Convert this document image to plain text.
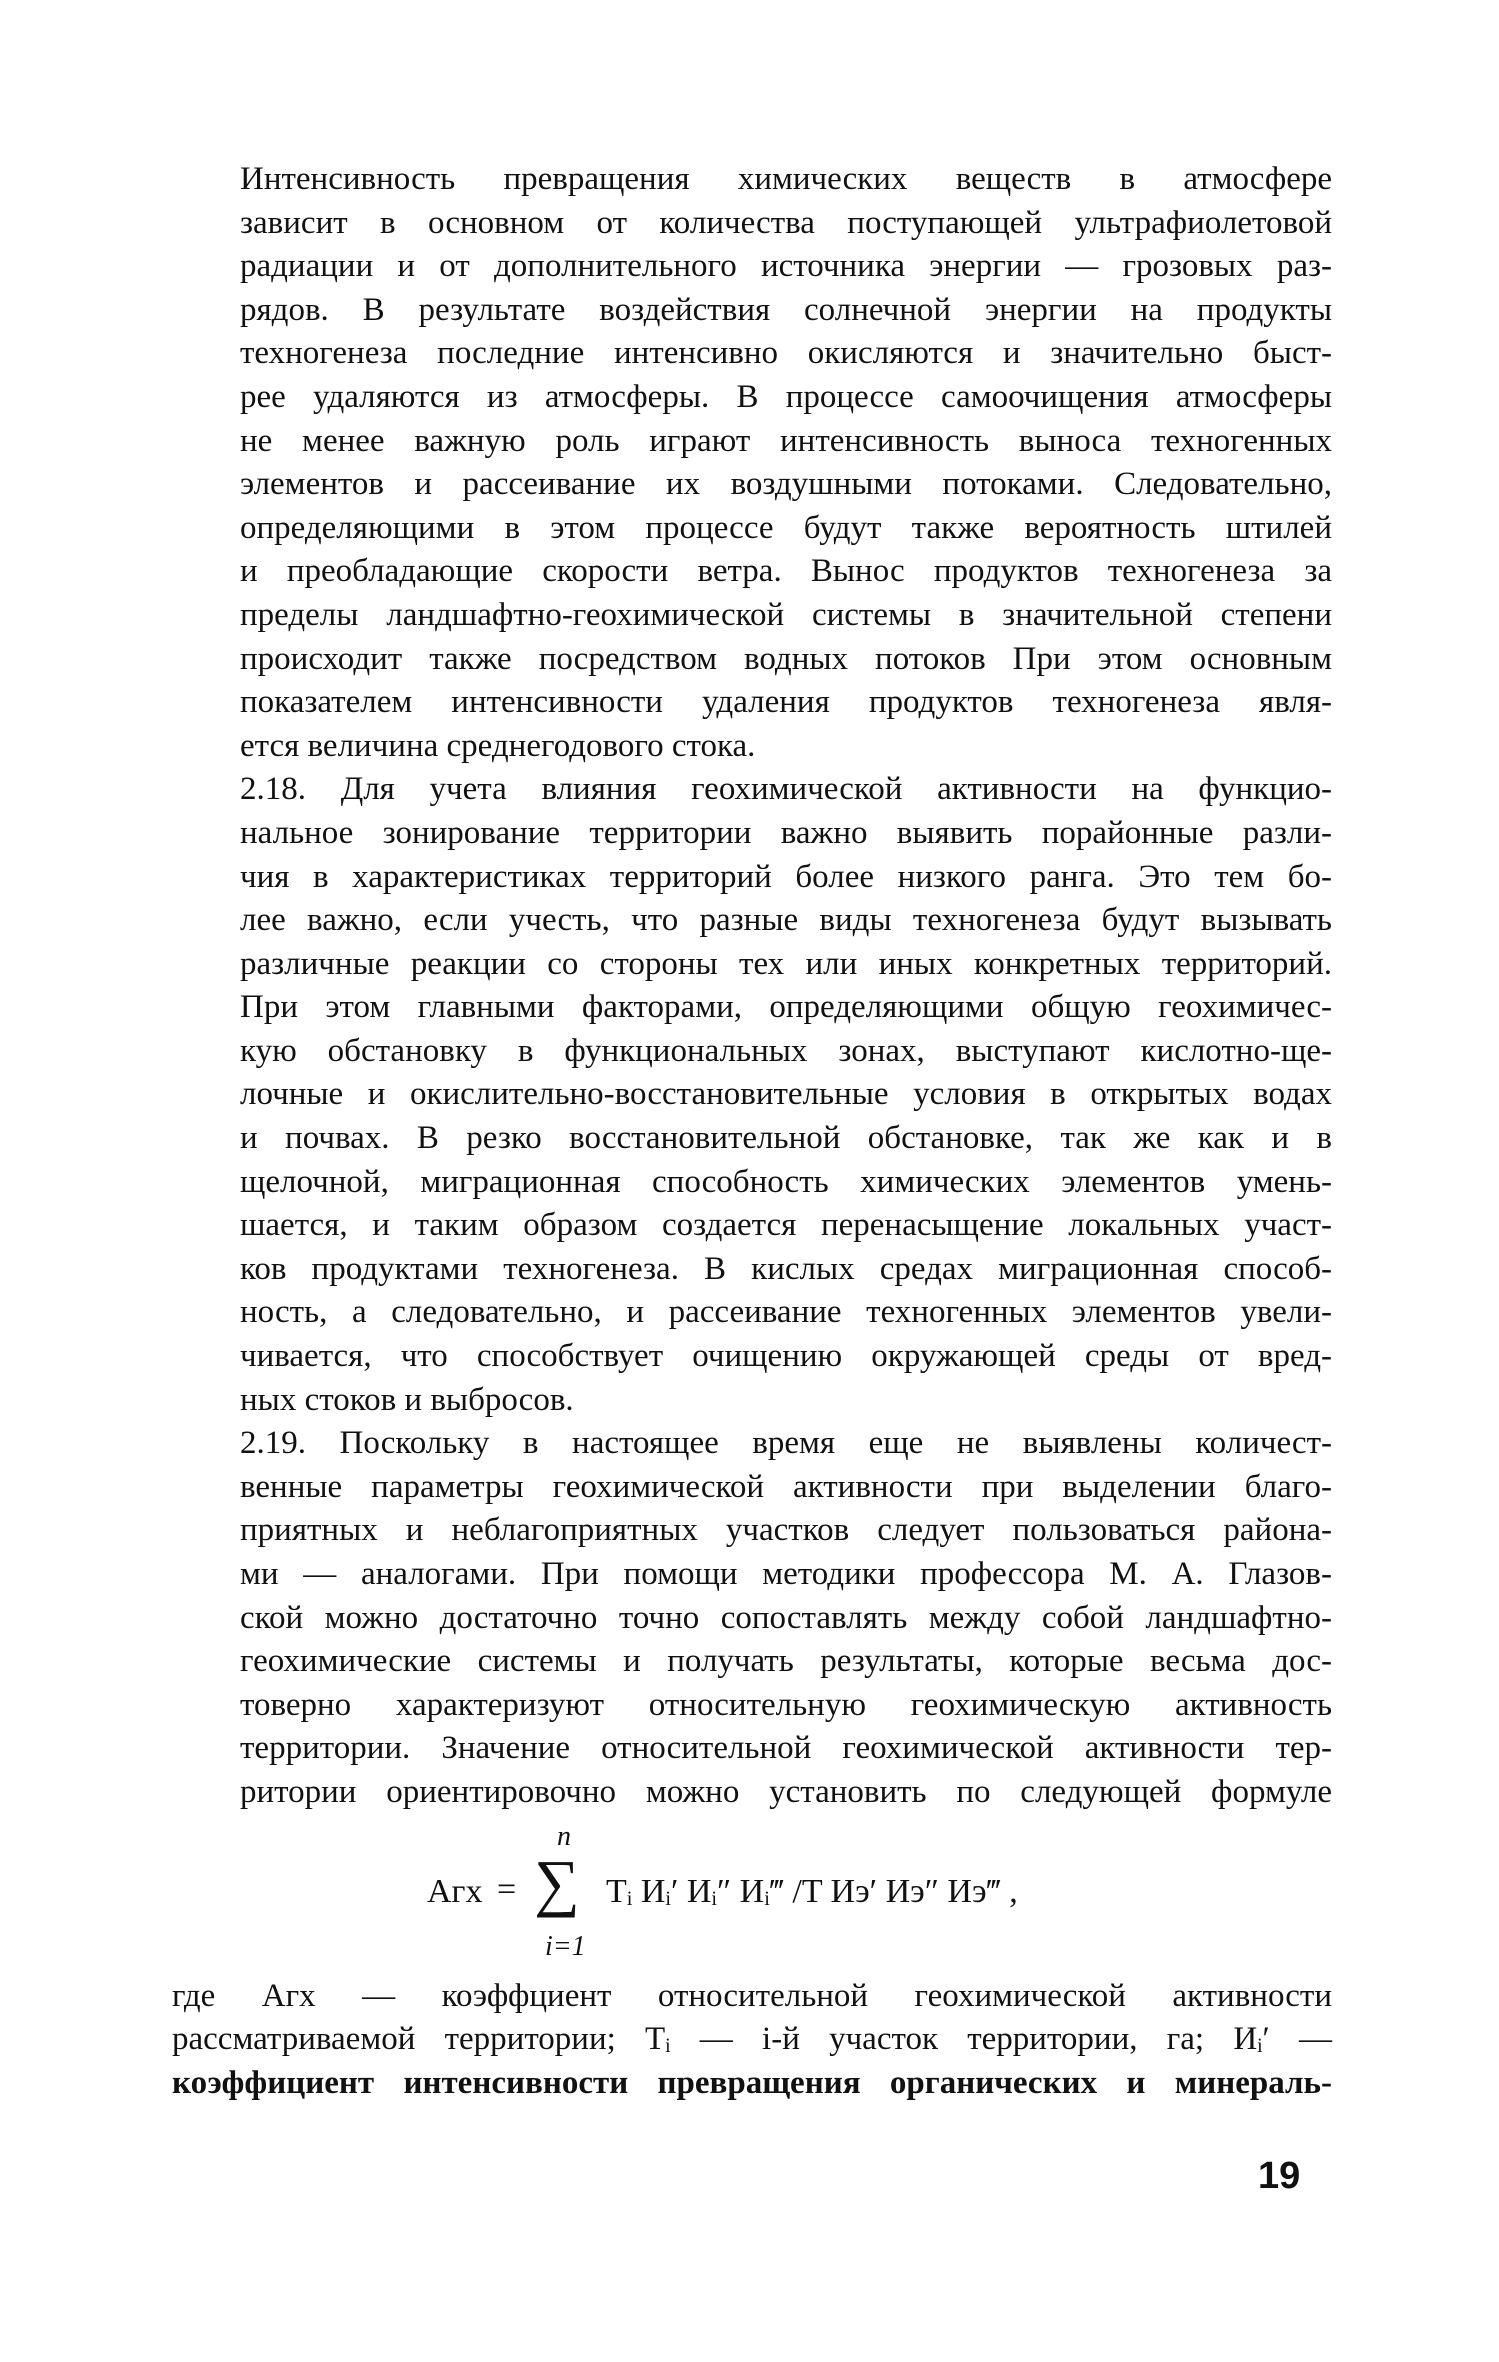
Интенсивность превращения химических веществ в атмосфере
зависит в основном от количества поступающей ультрафиолетовой
радиации и от дополнительного источника энергии — грозовых раз-
рядов. В результате воздействия солнечной энергии на продукты
техногенеза последние интенсивно окисляются и значительно быст-
рее удаляются из атмосферы. В процессе самоочищения атмосферы
не менее важную роль играют интенсивность выноса техногенных
элементов и рассеивание их воздушными потоками. Следовательно,
определяющими в этом процессе будут также вероятность штилей
и преобладающие скорости ветра. Вынос продуктов техногенеза за
пределы ландшафтно-геохимической системы в значительной степени
происходит также посредством водных потоков При этом основным
показателем интенсивности удаления продуктов техногенеза явля-
ется величина среднегодового стока.
2.18. Для учета влияния геохимической активности на функцио-
нальное зонирование территории важно выявить порайонные разли-
чия в характеристиках территорий более низкого ранга. Это тем бо-
лее важно, если учесть, что разные виды техногенеза будут вызывать
различные реакции со стороны тех или иных конкретных территорий.
При этом главными факторами, определяющими общую геохимичес-
кую обстановку в функциональных зонах, выступают кислотно-ще-
лочные и окислительно-восстановительные условия в открытых водах
и почвах. В резко восстановительной обстановке, так же как и в
щелочной, миграционная способность химических элементов умень-
шается, и таким образом создается перенасыщение локальных участ-
ков продуктами техногенеза. В кислых средах миграционная способ-
ность, а следовательно, и рассеивание техногенных элементов увели-
чивается, что способствует очищению окружающей среды от вред-
ных стоков и выбросов.
2.19. Поскольку в настоящее время еще не выявлены количест-
венные параметры геохимической активности при выделении благо-
приятных и неблагоприятных участков следует пользоваться района-
ми — аналогами. При помощи методики профессора М. А. Глазов-
ской можно достаточно точно сопоставлять между собой ландшафтно-
геохимические системы и получать результаты, которые весьма дос-
товерно характеризуют относительную геохимическую активность
территории. Значение относительной геохимической активности тер-
ритории ориентировочно можно установить по следующей формуле
Aгх =
n
∑
i=1
Tᵢ Иᵢ′ Иᵢ″ Иᵢ‴ /T Иэ′ Иэ″ Иэ‴ ,
где Aгх — коэффциент относительной геохимической активности
рассматриваемой территории; Tᵢ — i-й участок территории, га; Иᵢ′ —
коэффициент интенсивности превращения органических и минераль-
19
